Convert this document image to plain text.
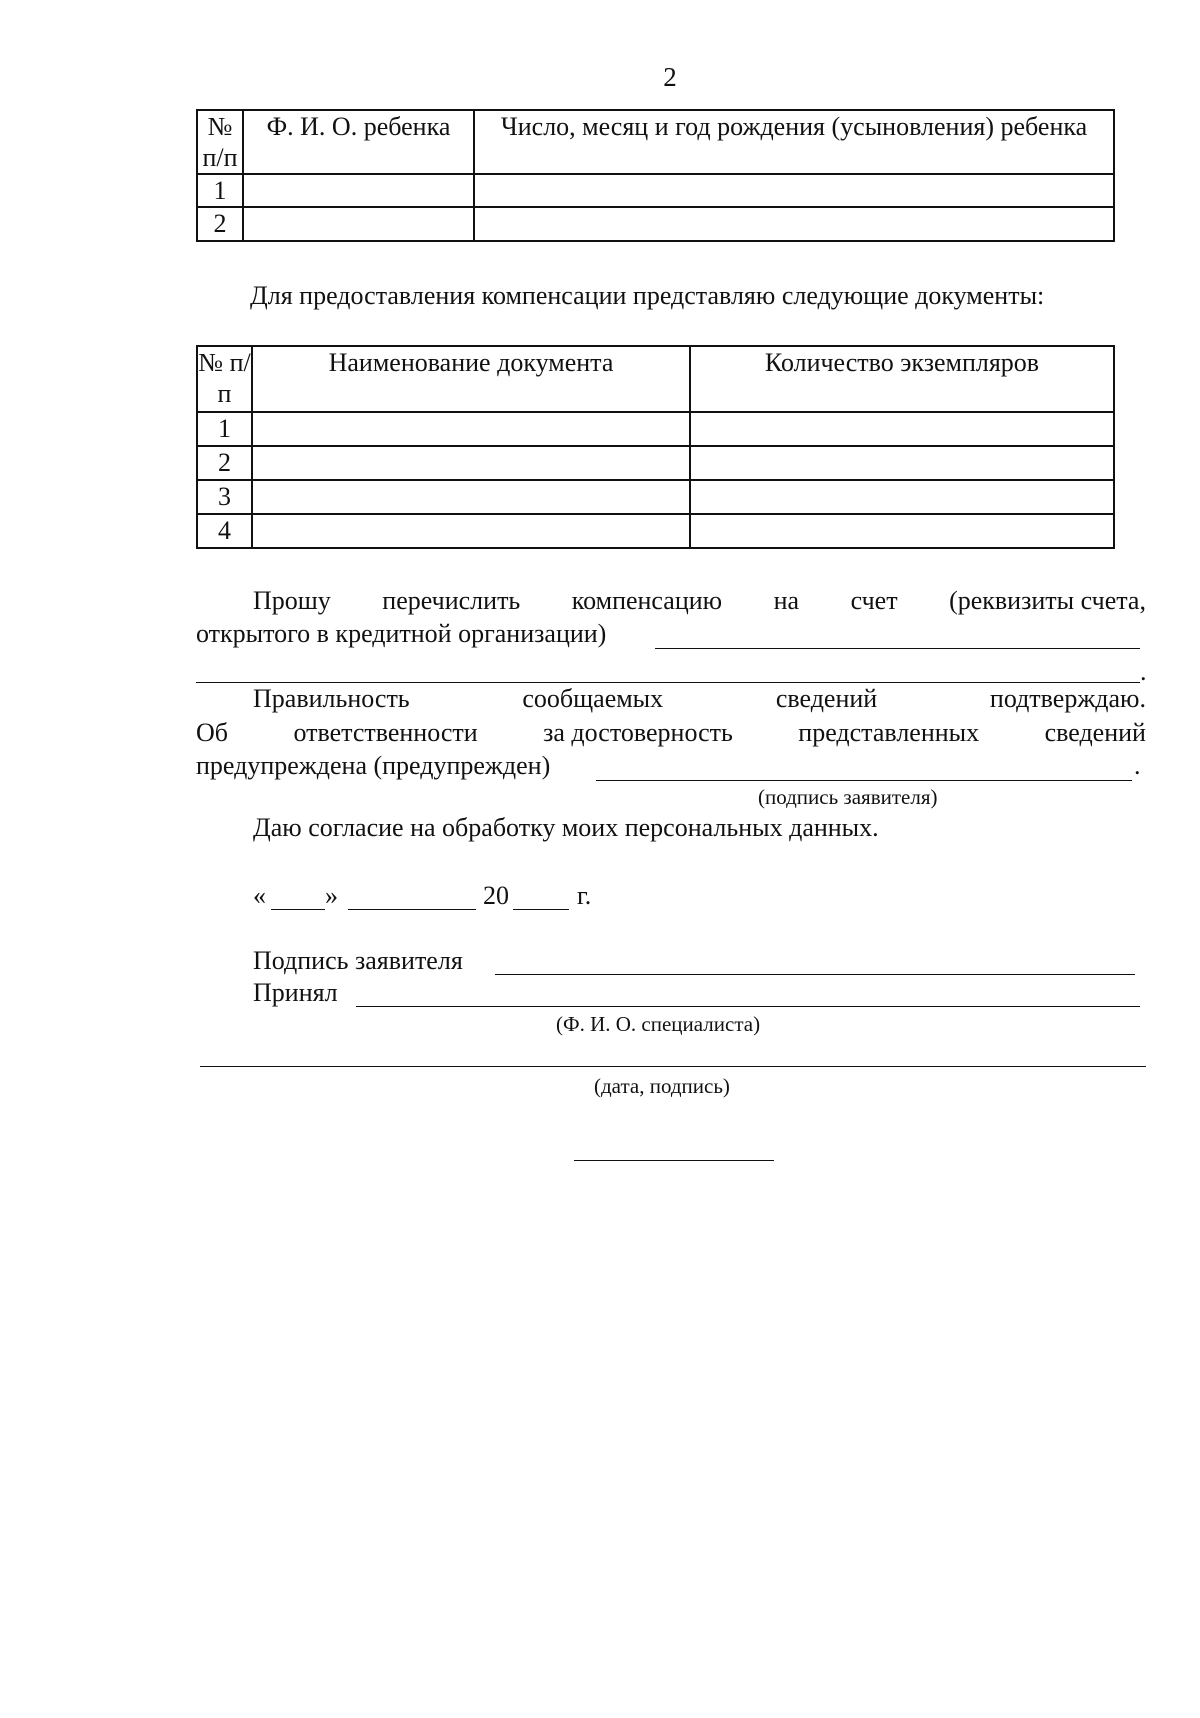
2
№ п/п	Ф. И. О. ребенка	Число, месяц и год рождения (усыновления) ребенка
1		
2		
Для предоставления компенсации представляю следующие документы:
№ п/п	Наименование документа	Количество экземпляров
1		
2		
3		
4		
Прошу перечислить компенсацию на счет (реквизиты счета,
открытого в кредитной организации)
.
Правильность	сообщаемых	сведений	подтверждаю.
Об	ответственности	за достоверность	представленных	сведений
предупреждена (предупрежден)	.
(подпись заявителя)
Даю согласие на обработку моих персональных данных.
« »	20	г.
Подпись заявителя
Принял
(Ф. И. О. специалиста)
(дата, подпись)
